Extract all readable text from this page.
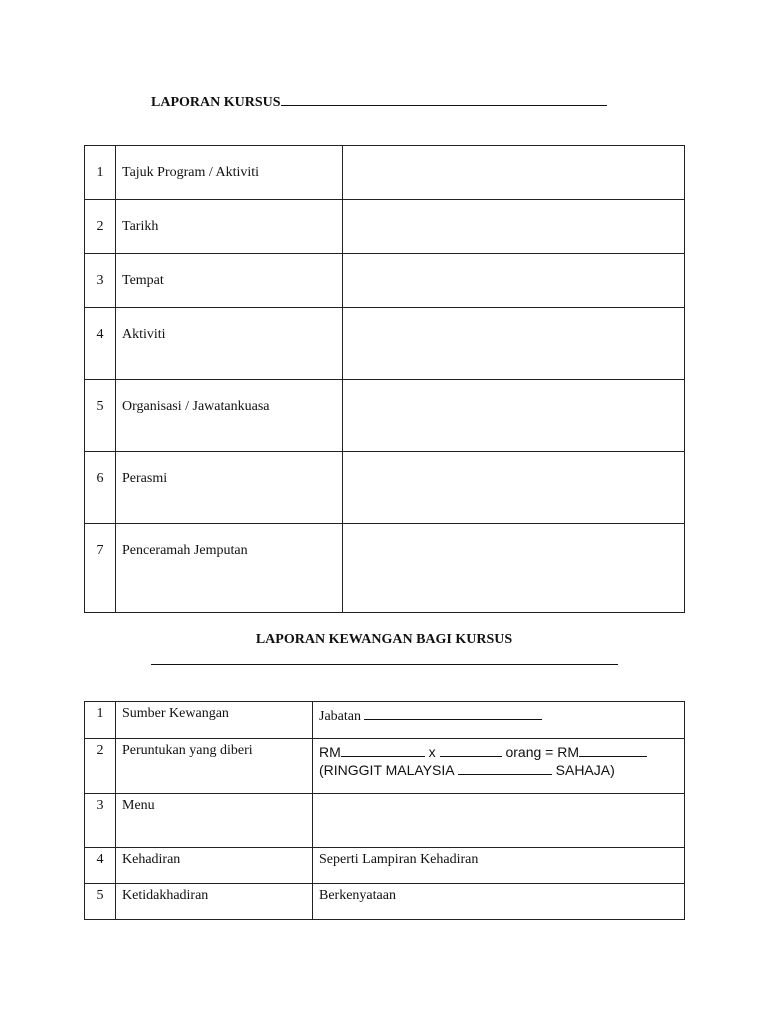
LAPORAN KURSUS
1	Tajuk Program / Aktiviti	

2	Tarikh	

3	Tempat	

4	Aktiviti	

5	Organisasi / Jawatankuasa	

6	Perasmi	

7	Penceramah Jemputan	

LAPORAN KEWANGAN BAGI KURSUS
1	Sumber Kewangan	Jabatan
2	Peruntukan yang diberi	RM x orang = RM
(RINGGIT MALAYSIA SAHAJA)

3	Menu	
4	Kehadiran	Seperti Lampiran Kehadiran
5	Ketidakhadiran	Berkenyataan
